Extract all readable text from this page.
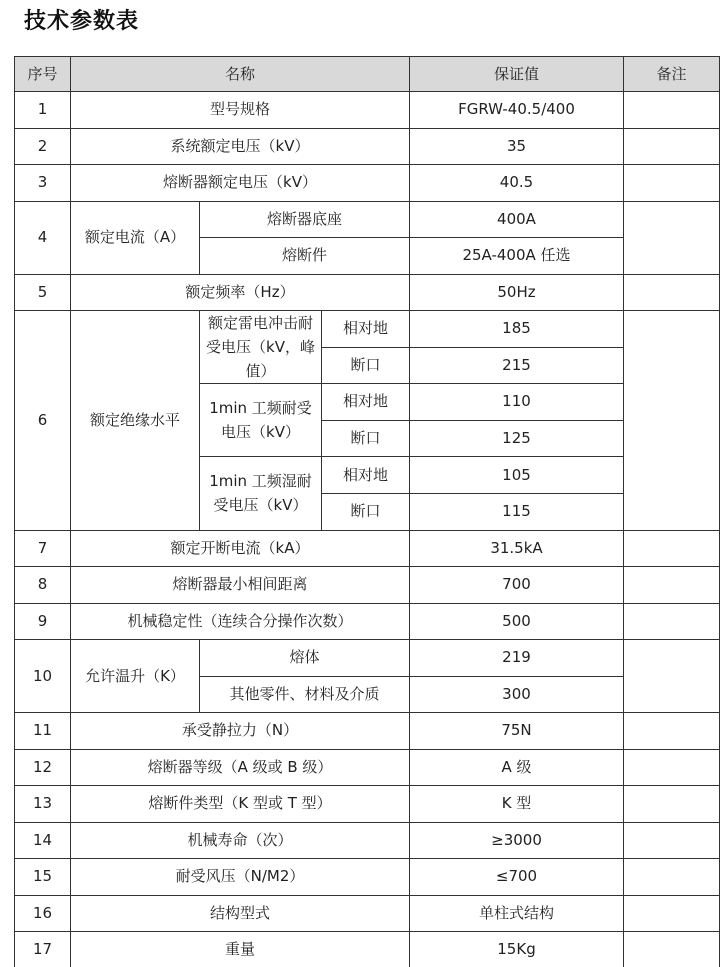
技术参数表
序号	名称	保证值	备注
1	型号规格	FGRW-40.5/400
2	系统额定电压（kV）	35
3	熔断器额定电压（kV）	40.5
4	额定电流（A）
熔断器底座	400A
熔断件	25A-400A 任选
5	额定频率（Hz）	50Hz
6	额定绝缘水平
额定雷电冲击耐受电压（kV，峰值）
相对地	185
断口	215
1min 工频耐受电压（kV）
相对地	110
断口	125
1min 工频湿耐受电压（kV）
相对地	105
断口	115
7	额定开断电流（kA）	31.5kA
8	熔断器最小相间距离	700
9	机械稳定性（连续合分操作次数）	500
10	允许温升（K）
熔体	219
其他零件、材料及介质	300
11	承受静拉力（N）	75N
12	熔断器等级（A 级或 B 级）	A 级
13	熔断件类型（K 型或 T 型）	K 型
14	机械寿命（次）	≥3000
15	耐受风压（N/M2）	≤700
16	结构型式	单柱式结构
17	重量	15Kg
